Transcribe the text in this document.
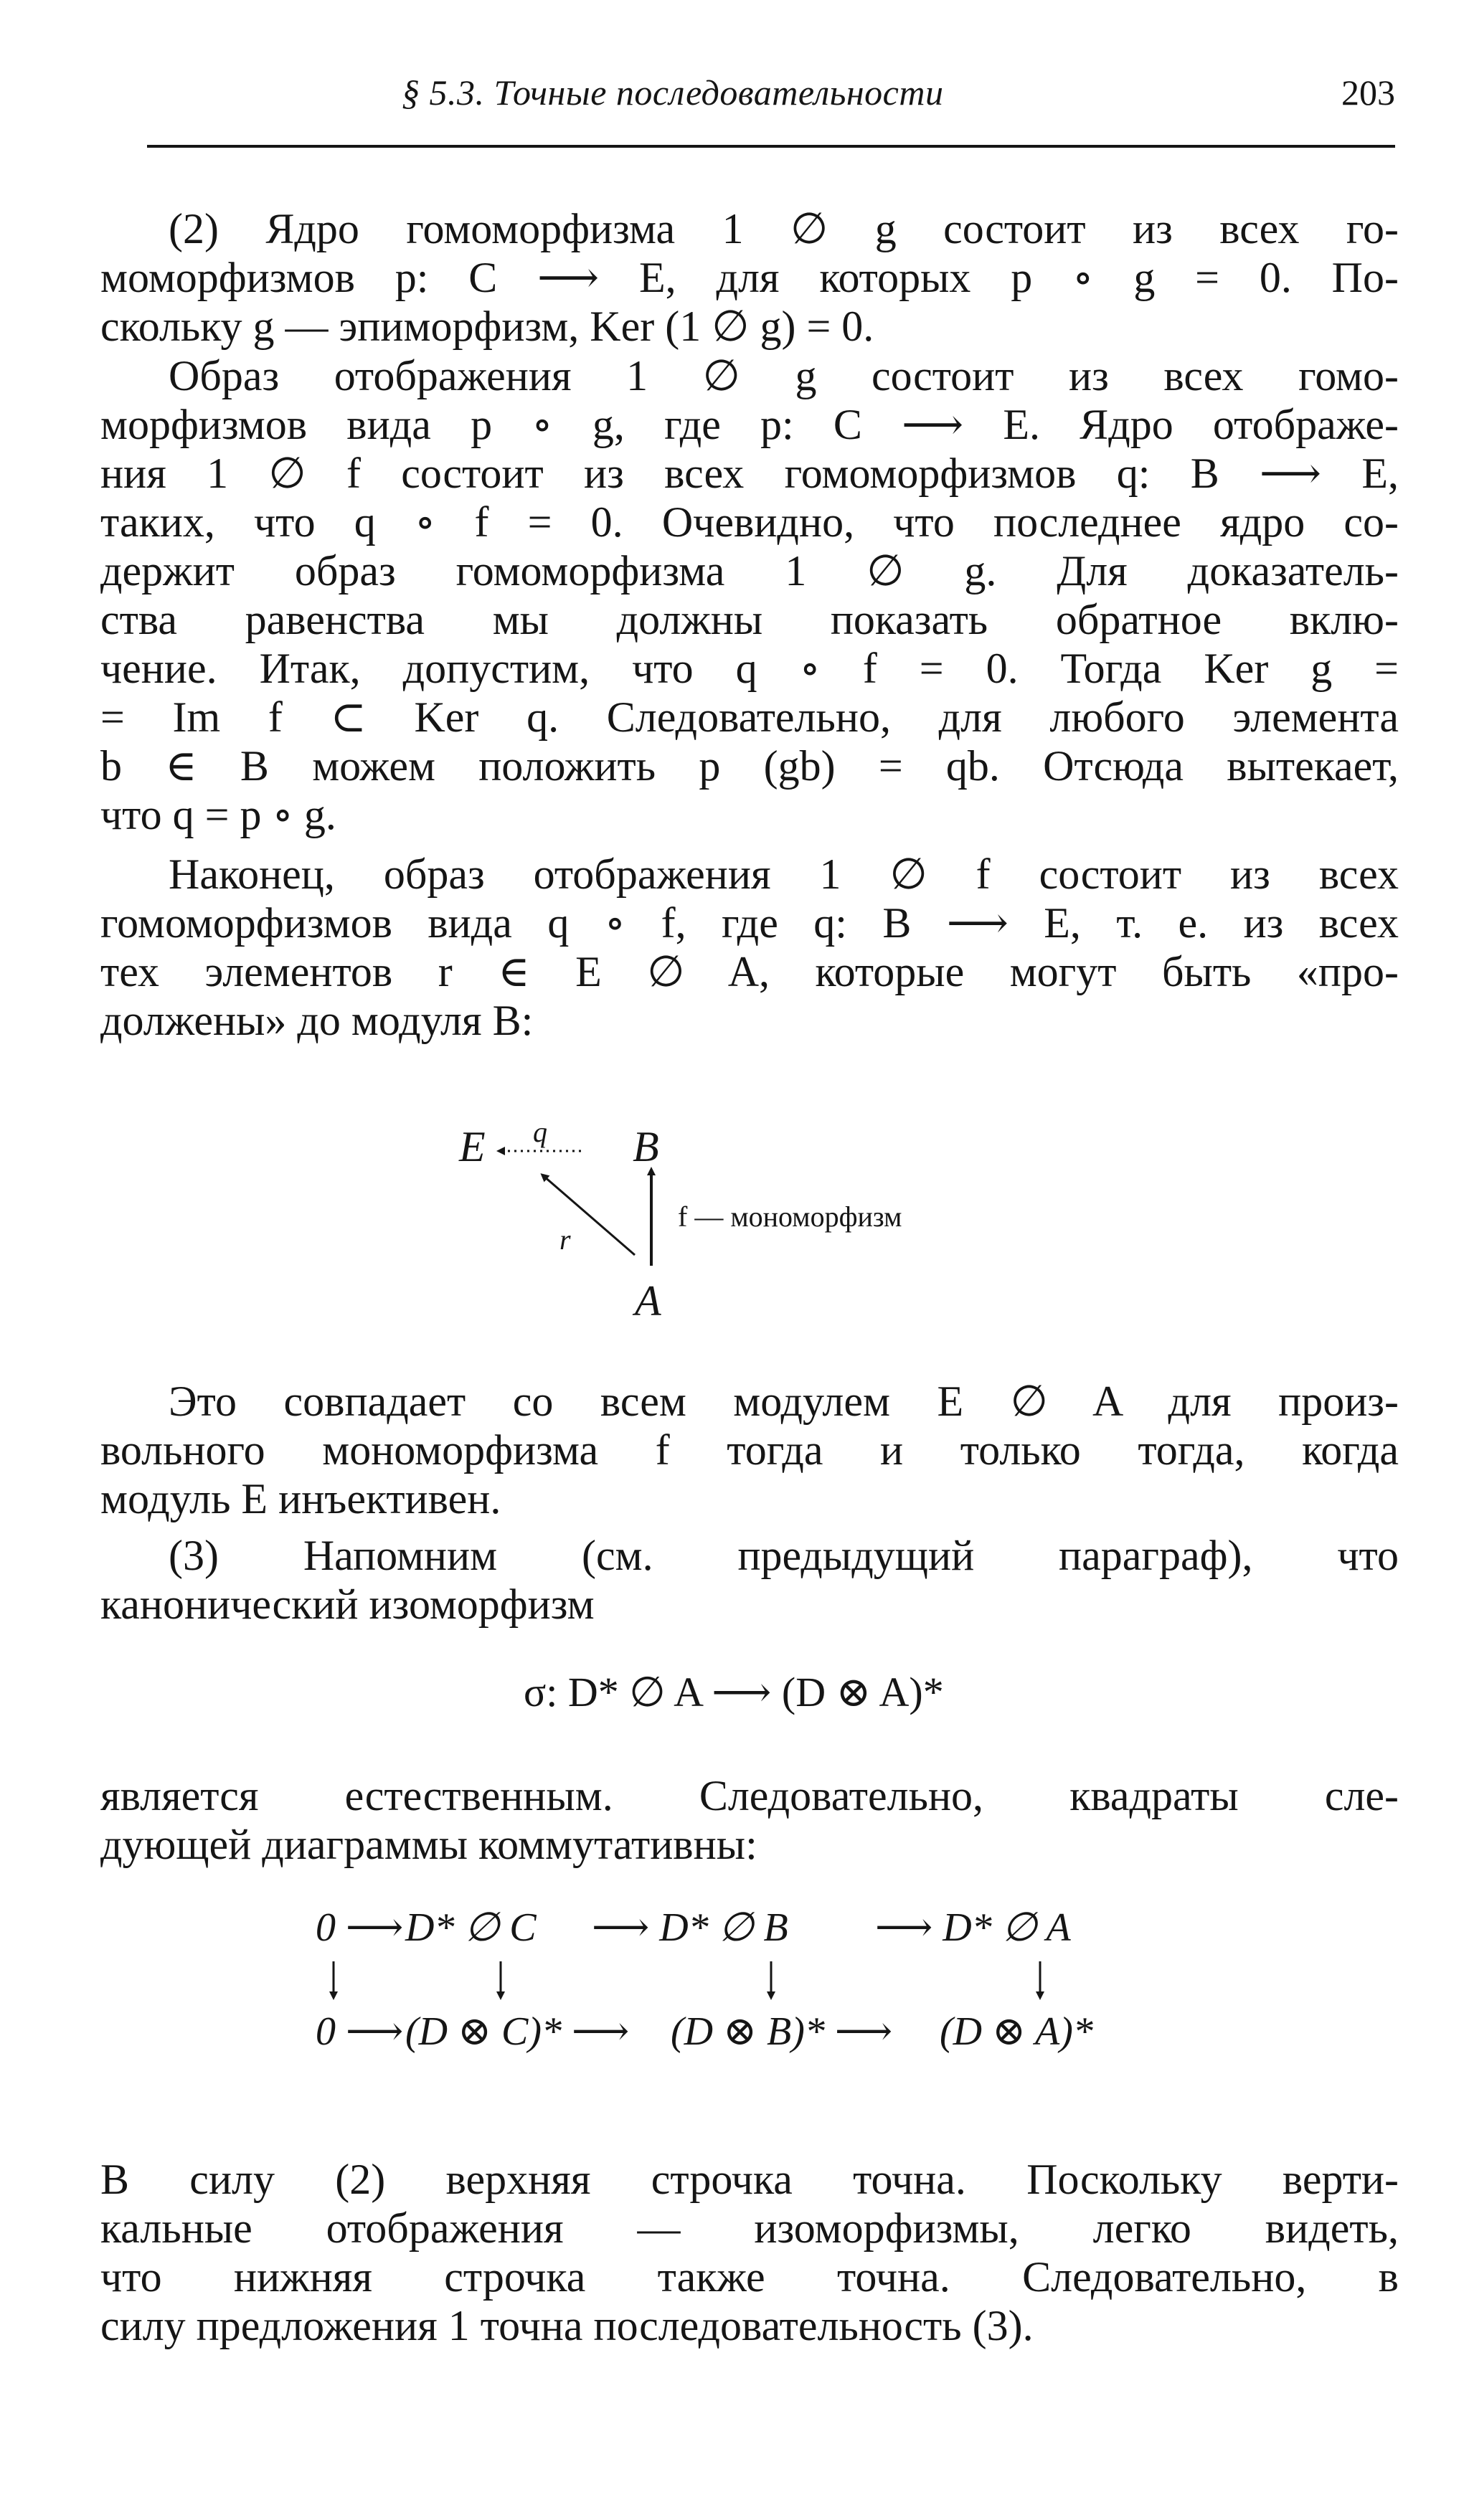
§ 5.3. Точные последовательности	203
(2) Ядро гомоморфизма 1 ∅ g состоит из всех го-
моморфизмов p: C ⟶ E, для которых p ∘ g = 0. По-
скольку g — эпиморфизм, Ker (1 ∅ g) = 0.
Образ отображения 1 ∅ g состоит из всех гомо-
морфизмов вида p ∘ g, где p: C ⟶ E. Ядро отображе-
ния 1 ∅ f состоит из всех гомоморфизмов q: B ⟶ E,
таких, что q ∘ f = 0. Очевидно, что последнее ядро со-
держит образ гомоморфизма 1 ∅ g. Для доказатель-
ства равенства мы должны показать обратное вклю-
чение. Итак, допустим, что q ∘ f = 0. Тогда Ker g =
= Im f ⊂ Ker q. Следовательно, для любого элемента
b ∈ B можем положить p (gb) = qb. Отсюда вытекает,
что q = p ∘ g.
Наконец, образ отображения 1 ∅ f состоит из всех
гомоморфизмов вида q ∘ f, где q: B ⟶ E, т. е. из всех
тех элементов r ∈ E ∅ A, которые могут быть «про-
должены» до модуля B:
E	B
A
q
r
f — мономорфизм
Это совпадает со всем модулем E ∅ A для произ-
вольного мономорфизма f тогда и только тогда, когда
модуль E инъективен.
(3) Напомним (см. предыдущий параграф), что
канонический изоморфизм
σ: D* ∅ A ⟶ (D ⊗ A)*
является естественным. Следовательно, квадраты сле-
дующей диаграммы коммутативны:
0 ⟶ D* ∅ C ⟶ D* ∅ B ⟶ D* ∅ A
0 ⟶ (D ⊗ C)* ⟶ (D ⊗ B)* ⟶ (D ⊗ A)*
В силу (2) верхняя строчка точна. Поскольку верти-
кальные отображения — изоморфизмы, легко видеть,
что нижняя строчка также точна. Следовательно, в
силу предложения 1 точна последовательность (3).
